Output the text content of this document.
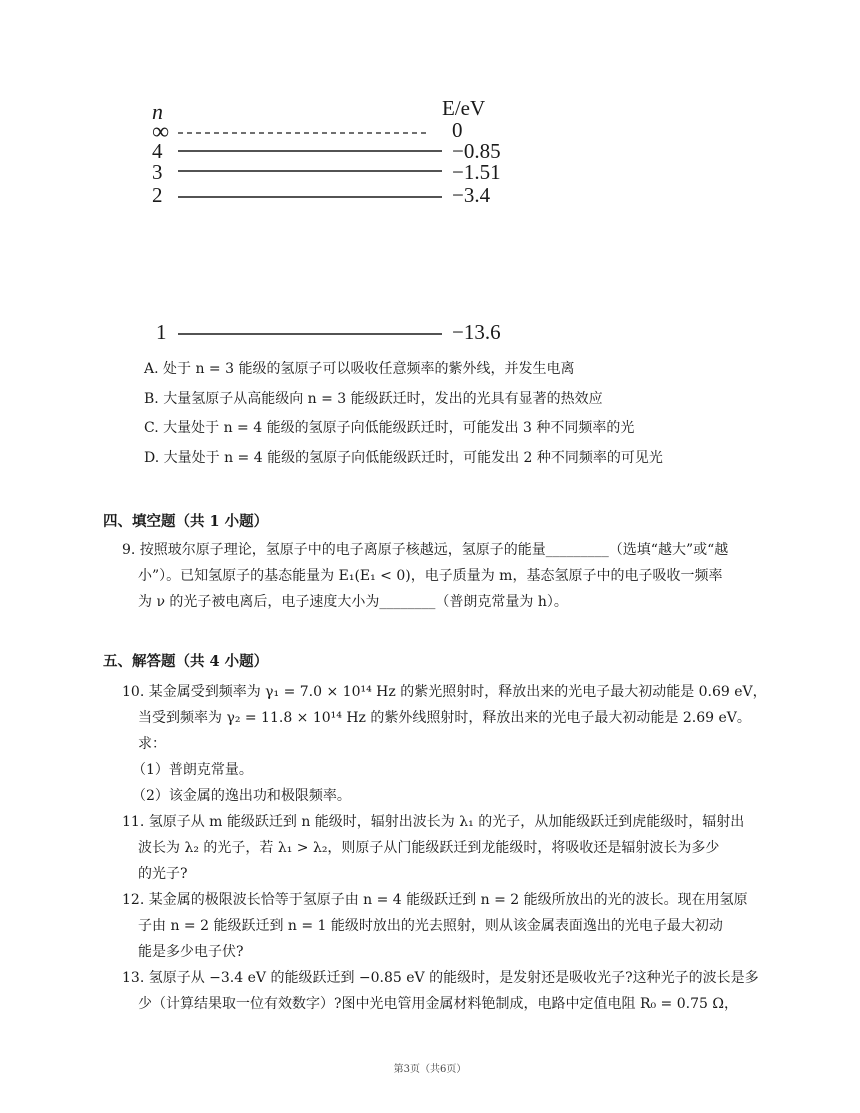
n	E/eV
∞	0
4	−0.85
3	−1.51
2	−3.4
1	−13.6
A. 处于 n = 3 能级的氢原子可以吸收任意频率的紫外线，并发生电离
B. 大量氢原子从高能级向 n = 3 能级跃迁时，发出的光具有显著的热效应
C. 大量处于 n = 4 能级的氢原子向低能级跃迁时，可能发出 3 种不同频率的光
D. 大量处于 n = 4 能级的氢原子向低能级跃迁时，可能发出 2 种不同频率的可见光
四、填空题（共 1 小题）
9. 按照玻尔原子理论，氢原子中的电子离原子核越远，氢原子的能量_________（选填“越大”或“越
小”）。已知氢原子的基态能量为 E₁(E₁ < 0)，电子质量为 m，基态氢原子中的电子吸收一频率
为 ν 的光子被电离后，电子速度大小为________（普朗克常量为 h）。
五、解答题（共 4 小题）
10. 某金属受到频率为 γ₁ = 7.0 × 10¹⁴ Hz 的紫光照射时，释放出来的光电子最大初动能是 0.69 eV，
当受到频率为 γ₂ = 11.8 × 10¹⁴ Hz 的紫外线照射时，释放出来的光电子最大初动能是 2.69 eV。
求：
（1）普朗克常量。
（2）该金属的逸出功和极限频率。
11. 氢原子从 m 能级跃迁到 n 能级时，辐射出波长为 λ₁ 的光子，从加能级跃迁到虎能级时，辐射出
波长为 λ₂ 的光子，若 λ₁ > λ₂，则原子从门能级跃迁到龙能级时，将吸收还是辐射波长为多少
的光子?
12. 某金属的极限波长恰等于氢原子由 n = 4 能级跃迁到 n = 2 能级所放出的光的波长。现在用氢原
子由 n = 2 能级跃迁到 n = 1 能级时放出的光去照射，则从该金属表面逸出的光电子最大初动
能是多少电子伏?
13. 氢原子从 −3.4 eV 的能级跃迁到 −0.85 eV 的能级时，是发射还是吸收光子?这种光子的波长是多
少（计算结果取一位有效数字）?图中光电管用金属材料铯制成，电路中定值电阻 R₀ = 0.75 Ω，
第3页（共6页）
